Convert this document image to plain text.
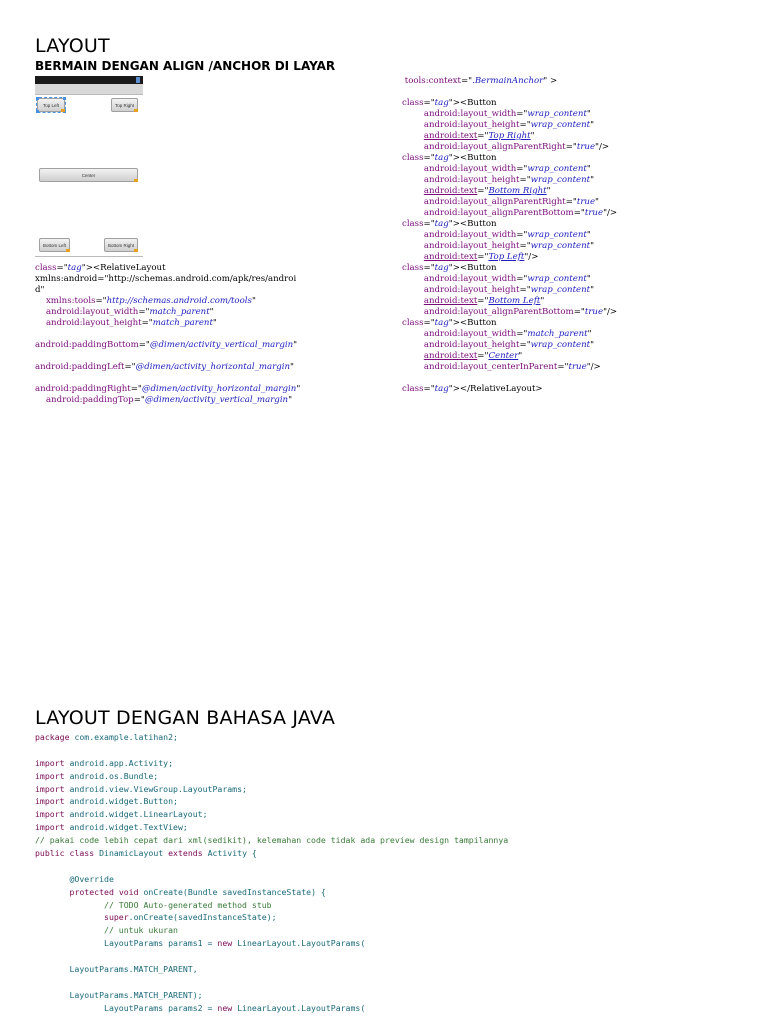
LAYOUT
BERMAIN DENGAN ALIGN /ANCHOR DI LAYAR
Top Left	Top Right
Center
Bottom Left	Bottom Right
class="tag"><RelativeLayout
xmlns:android="http://schemas.android.com/apk/res/androi
d"
xmlns:tools="http://schemas.android.com/tools"
android:layout_width="match_parent"
android:layout_height="match_parent"
android:paddingBottom="@dimen/activity_vertical_margin"
android:paddingLeft="@dimen/activity_horizontal_margin"
android:paddingRight="@dimen/activity_horizontal_margin"
android:paddingTop="@dimen/activity_vertical_margin"
tools:context=".BermainAnchor" >
class="tag"><Button
android:layout_width="wrap_content"
android:layout_height="wrap_content"
android:text="Top Right"
android:layout_alignParentRight="true"/>
class="tag"><Button
android:layout_width="wrap_content"
android:layout_height="wrap_content"
android:text="Bottom Right"
android:layout_alignParentRight="true"
android:layout_alignParentBottom="true"/>
class="tag"><Button
android:layout_width="wrap_content"
android:layout_height="wrap_content"
android:text="Top Left"/>
class="tag"><Button
android:layout_width="wrap_content"
android:layout_height="wrap_content"
android:text="Bottom Left"
android:layout_alignParentBottom="true"/>
class="tag"><Button
android:layout_width="match_parent"
android:layout_height="wrap_content"
android:text="Center"
android:layout_centerInParent="true"/>
class="tag"></RelativeLayout>
LAYOUT DENGAN BAHASA JAVA
package com.example.latihan2;

import android.app.Activity;
import android.os.Bundle;
import android.view.ViewGroup.LayoutParams;
import android.widget.Button;
import android.widget.LinearLayout;
import android.widget.TextView;
// pakai code lebih cepat dari xml(sedikit), kelemahan code tidak ada preview design tampilannya
public class DinamicLayout extends Activity {

@Override
protected void onCreate(Bundle savedInstanceState) {
// TODO Auto-generated method stub
super.onCreate(savedInstanceState);
// untuk ukuran
LayoutParams params1 = new LinearLayout.LayoutParams(

LayoutParams.MATCH_PARENT,

LayoutParams.MATCH_PARENT);
LayoutParams params2 = new LinearLayout.LayoutParams(
